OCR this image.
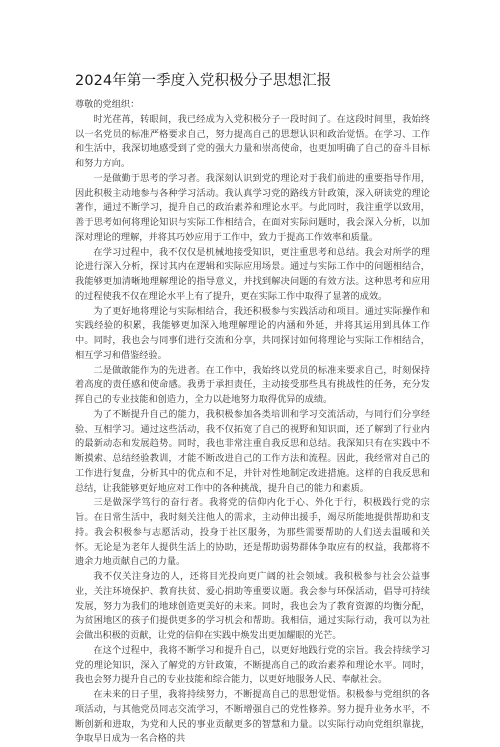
2024年第一季度入党积极分子思想汇报

尊敬的党组织：

时光荏苒，转眼间，我已经成为入党积极分子一段时间了。在这段时间里，我始终以一名党员的标准严格要求自己，努力提高自己的思想认识和政治觉悟。在学习、工作和生活中，我深切地感受到了党的强大力量和崇高使命，也更加明确了自己的奋斗目标和努力方向。

一是做勤于思考的学习者。我深刻认识到党的理论对于我们前进的重要指导作用，因此积极主动地参与各种学习活动。我认真学习党的路线方针政策，深入研读党的理论著作，通过不断学习，提升自己的政治素养和理论水平。与此同时，我注重学以致用，善于思考如何将理论知识与实际工作相结合，在面对实际问题时，我会深入分析，以加深对理论的理解，并将其巧妙应用于工作中，致力于提高工作效率和质量。

在学习过程中，我不仅仅是机械地接受知识，更注重思考和总结。我会对所学的理论进行深入分析，探讨其内在逻辑和实际应用场景。通过与实际工作中的问题相结合，我能够更加清晰地理解理论的指导意义，并找到解决问题的有效方法。这种思考和应用的过程使我不仅在理论水平上有了提升，更在实际工作中取得了显著的成效。

为了更好地将理论与实际相结合，我还积极参与实践活动和项目。通过实际操作和实践经验的积累，我能够更加深入地理解理论的内涵和外延，并将其运用到具体工作中。同时，我也会与同事们进行交流和分享，共同探讨如何将理论与实际工作相结合，相互学习和借鉴经验。

二是做敢能作为的先进者。在工作中，我始终以党员的标准来要求自己，时刻保持着高度的责任感和使命感。我勇于承担责任，主动接受那些具有挑战性的任务，充分发挥自己的专业技能和创造力，全力以赴地努力取得优异的成绩。

为了不断提升自己的能力，我积极参加各类培训和学习交流活动，与同行们分享经验、互相学习。通过这些活动，我不仅拓宽了自己的视野和知识面，还了解到了行业内的最新动态和发展趋势。同时，我也非常注重自我反思和总结。我深知只有在实践中不断摸索、总结经验教训，才能不断改进自己的工作方法和流程。因此，我经常对自己的工作进行复盘，分析其中的优点和不足，并针对性地制定改进措施。这样的自我反思和总结，让我能够更好地应对工作中的各种挑战，提升自己的能力和素质。

三是做深学笃行的奋行者。我将党的信仰内化于心、外化于行，积极践行党的宗旨。在日常生活中，我时刻关注他人的需求，主动伸出援手，竭尽所能地提供帮助和支持。我会积极参与志愿活动，投身于社区服务，为那些需要帮助的人们送去温暖和关怀。无论是为老年人提供生活上的协助，还是帮助弱势群体争取应有的权益，我都将不遗余力地贡献自己的力量。

我不仅关注身边的人，还将目光投向更广阔的社会领域。我积极参与社会公益事业，关注环境保护、教育扶贫、爱心捐助等重要议题。我会参与环保活动，倡导可持续发展，努力为我们的地球创造更美好的未来。同时，我也会为了教育资源的均衡分配，为贫困地区的孩子们提供更多的学习机会和帮助。我相信，通过实际行动，我可以为社会做出积极的贡献，让党的信仰在实践中焕发出更加耀眼的光芒。

在这个过程中，我将不断学习和提升自己，以更好地践行党的宗旨。我会持续学习党的理论知识，深入了解党的方针政策，不断提高自己的政治素养和理论水平。同时，我也会努力提升自己的专业技能和综合能力，以更好地服务人民、奉献社会。

在未来的日子里，我将持续努力，不断提高自己的思想觉悟。积极参与党组织的各项活动，与其他党员同志交流学习，不断增强自己的党性修养。努力提升业务水平，不断创新和进取，为党和人民的事业贡献更多的智慧和力量。以实际行动向党组织靠拢，争取早日成为一名合格的共
